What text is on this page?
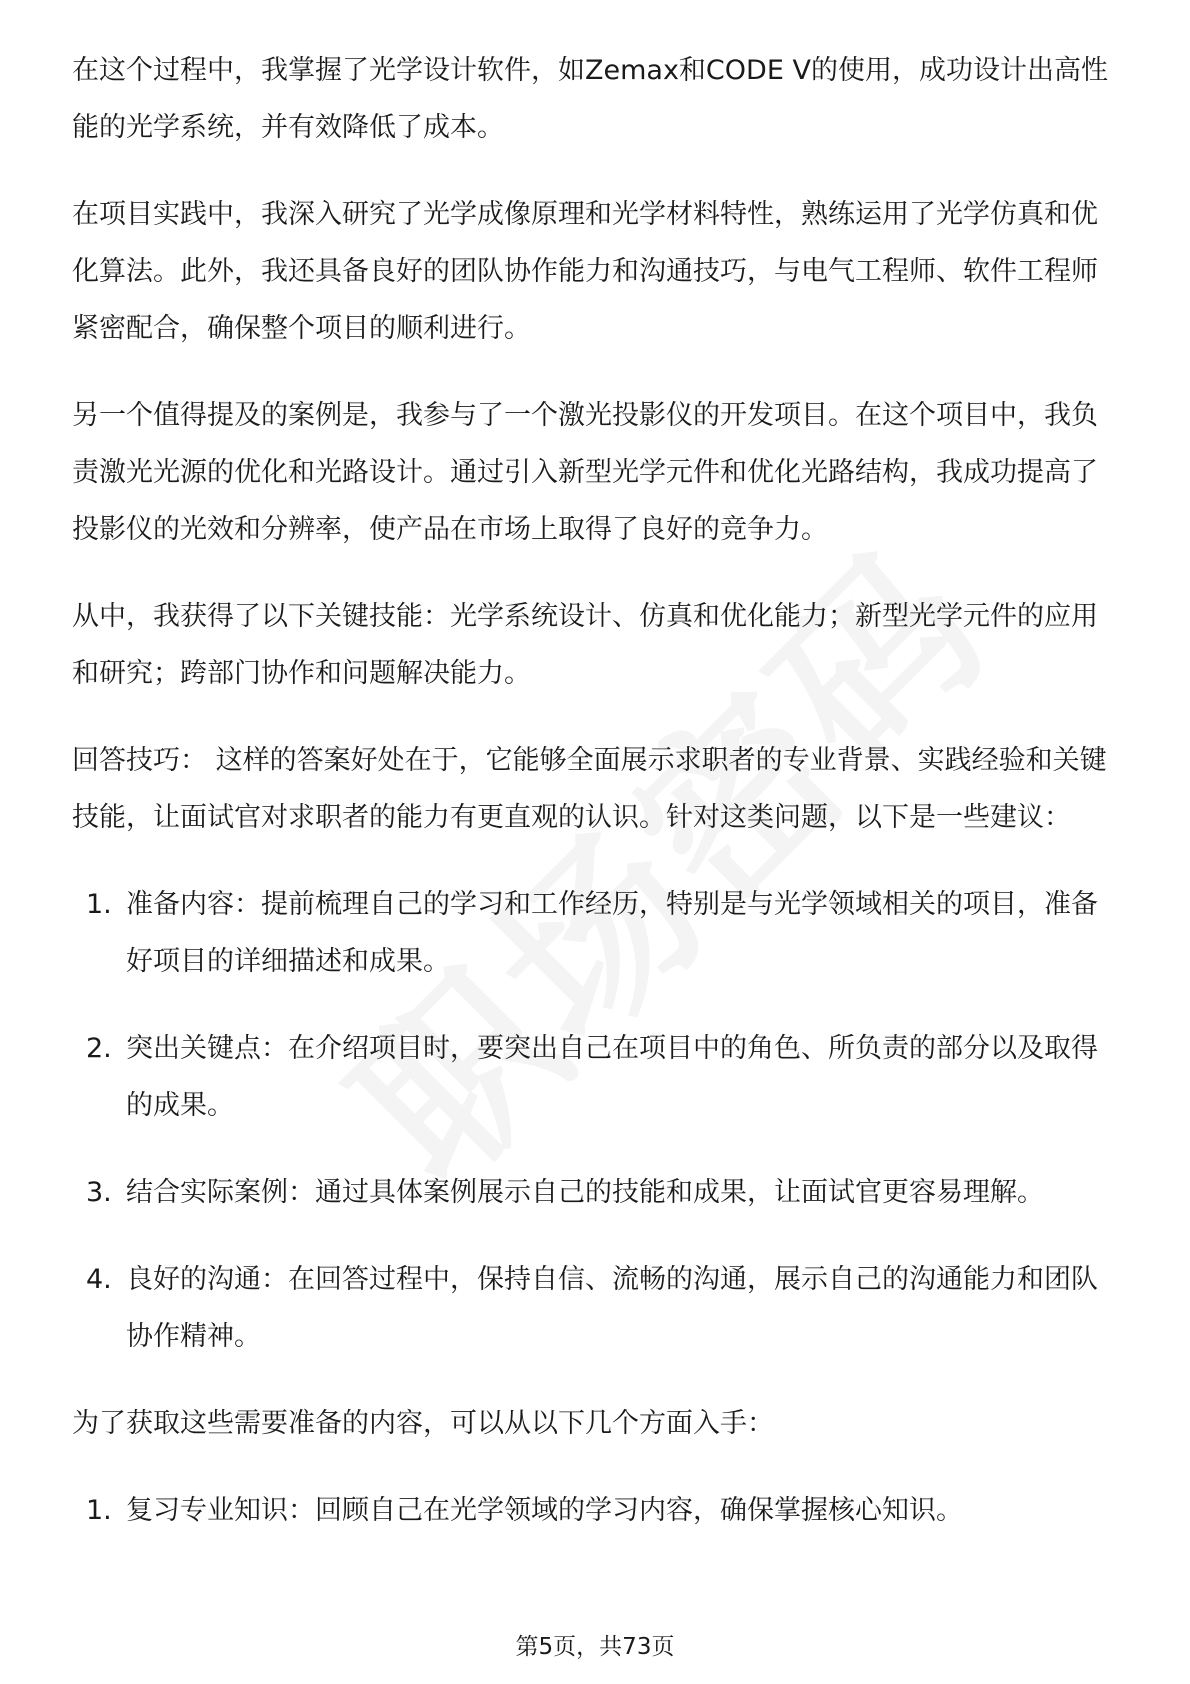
在这个过程中，我掌握了光学设计软件，如Zemax和CODE V的使用，成功设计出高性能的光学系统，并有效降低了成本。

在项目实践中，我深入研究了光学成像原理和光学材料特性，熟练运用了光学仿真和优化算法。此外，我还具备良好的团队协作能力和沟通技巧，与电气工程师、软件工程师紧密配合，确保整个项目的顺利进行。

另一个值得提及的案例是，我参与了一个激光投影仪的开发项目。在这个项目中，我负责激光光源的优化和光路设计。通过引入新型光学元件和优化光路结构，我成功提高了投影仪的光效和分辨率，使产品在市场上取得了良好的竞争力。

从中，我获得了以下关键技能：光学系统设计、仿真和优化能力；新型光学元件的应用和研究；跨部门协作和问题解决能力。

回答技巧： 这样的答案好处在于，它能够全面展示求职者的专业背景、实践经验和关键技能，让面试官对求职者的能力有更直观的认识。针对这类问题，以下是一些建议：

1. 准备内容：提前梳理自己的学习和工作经历，特别是与光学领域相关的项目，准备好项目的详细描述和成果。
2. 突出关键点：在介绍项目时，要突出自己在项目中的角色、所负责的部分以及取得的成果。
3. 结合实际案例：通过具体案例展示自己的技能和成果，让面试官更容易理解。
4. 良好的沟通：在回答过程中，保持自信、流畅的沟通，展示自己的沟通能力和团队协作精神。

为了获取这些需要准备的内容，可以从以下几个方面入手：

1. 复习专业知识：回顾自己在光学领域的学习内容，确保掌握核心知识。
第5页，共73页
